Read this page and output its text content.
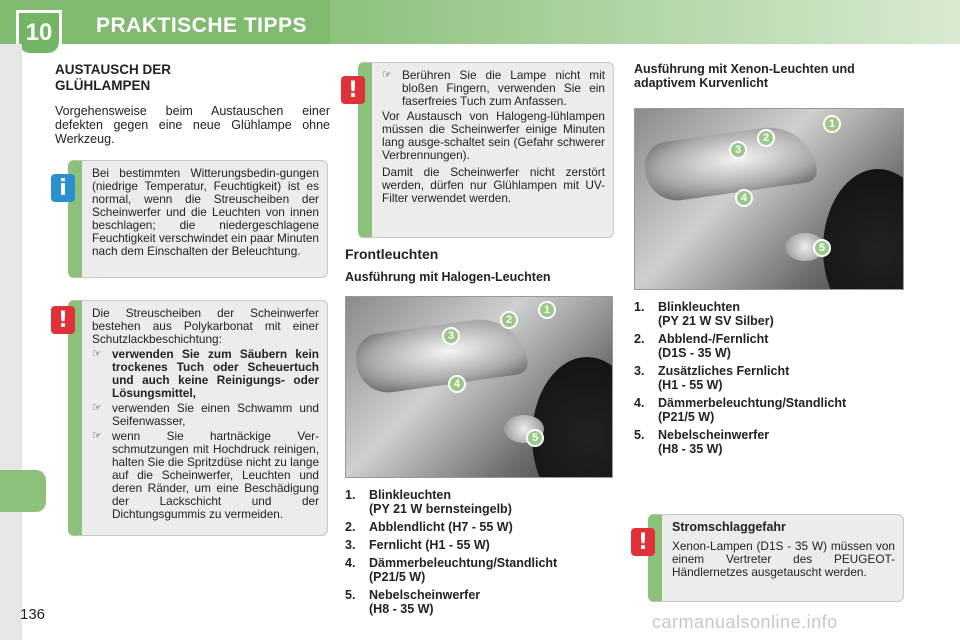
10	PRAKTISCHE TIPPS
AUSTAUSCH DER GLÜHLAMPEN
Vorgehensweise beim Austauschen einer defekten gegen eine neue Glühlampe ohne Werkzeug.
Bei bestimmten Witterungsbedin-gungen (niedrige Temperatur, Feuchtigkeit) ist es normal, wenn die Streuscheiben der Scheinwerfer und die Leuchten von innen beschlagen; die niedergeschlagene Feuchtigkeit verschwindet ein paar Minuten nach dem Einschalten der Beleuchtung.
i
Die Streuscheiben der Scheinwerfer bestehen aus Polykarbonat mit einer Schutzlackbeschichtung:
☞ verwenden Sie zum Säubern kein trockenes Tuch oder Scheuertuch und auch keine Reinigungs- oder Lösungsmittel,
☞ verwenden Sie einen Schwamm und Seifenwasser,
☞ wenn Sie hartnäckige Ver-schmutzungen mit Hochdruck reinigen, halten Sie die Spritzdüse nicht zu lange auf die Scheinwerfer, Leuchten und deren Ränder, um eine Beschädigung der Lackschicht und der Dichtungsgummis zu vermeiden.
!
☞ Berühren Sie die Lampe nicht mit bloßen Fingern, verwenden Sie ein faserfreies Tuch zum Anfassen.
Vor Austausch von Halogeng-lühlampen müssen die Scheinwerfer einige Minuten lang ausge-schaltet sein (Gefahr schwerer Verbrennungen).
Damit die Scheinwerfer nicht zerstört werden, dürfen nur Glühlampen mit UV-Filter verwendet werden.
!
Frontleuchten
Ausführung mit Halogen-Leuchten
1
2
3
4
5
1.	Blinkleuchten
(PY 21 W bernsteingelb)
2.	Abblendlicht (H7 - 55 W)
3.	Fernlicht (H1 - 55 W)
4.	Dämmerbeleuchtung/Standlicht
(P21/5 W)
5.	Nebelscheinwerfer
(H8 - 35 W)
Ausführung mit Xenon-Leuchten und adaptivem Kurvenlicht
1
2
3
4
5
1.	Blinkleuchten
(PY 21 W SV Silber)
2.	Abblend-/Fernlicht
(D1S - 35 W)
3.	Zusätzliches Fernlicht
(H1 - 55 W)
4.	Dämmerbeleuchtung/Standlicht
(P21/5 W)
5.	Nebelscheinwerfer
(H8 - 35 W)
Stromschlaggefahr
Xenon-Lampen (D1S - 35 W) müssen von einem Vertreter des PEUGEOT-Händlernetzes ausgetauscht werden.
!
136	carmanualsonline.info
